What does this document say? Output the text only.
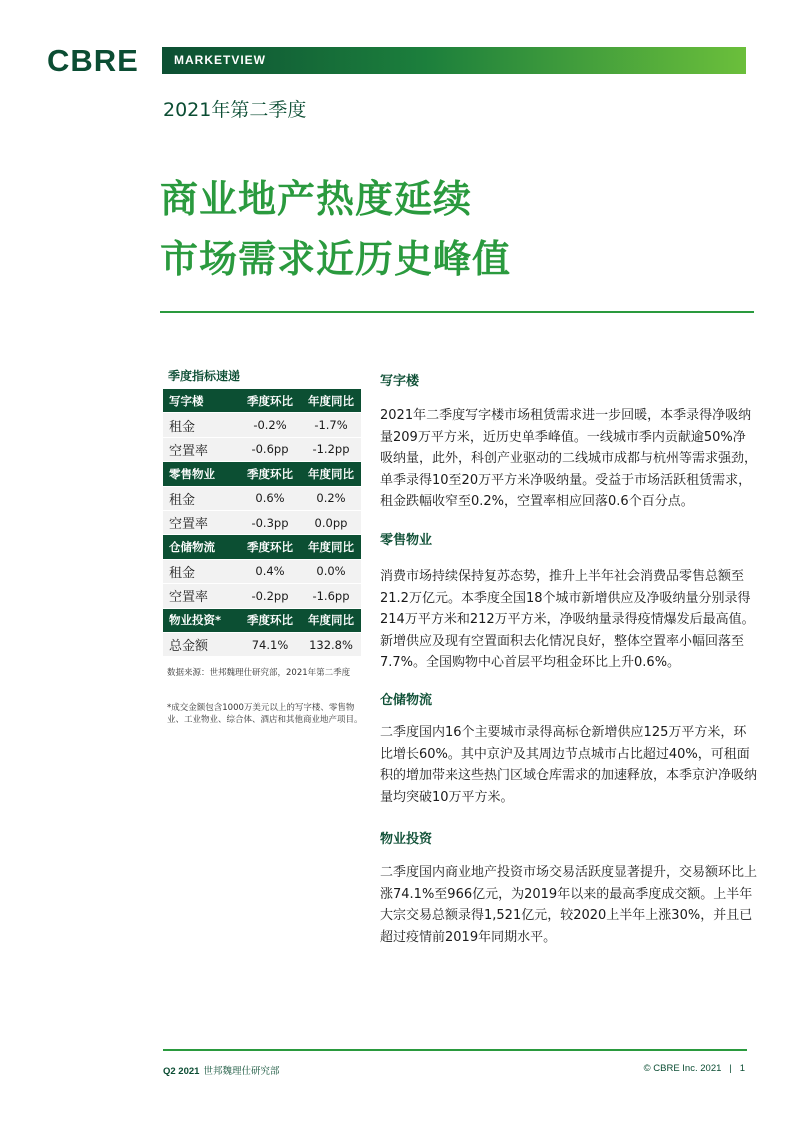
CBRE	MARKETVIEW
2021年第二季度
商业地产热度延续
市场需求近历史峰值
季度指标速递
写字楼	季度环比	年度同比
租金	-0.2%	-1.7%
空置率	-0.6pp	-1.2pp
零售物业	季度环比	年度同比
租金	0.6%	0.2%
空置率	-0.3pp	0.0pp
仓储物流	季度环比	年度同比
租金	0.4%	0.0%
空置率	-0.2pp	-1.6pp
物业投资*	季度环比	年度同比
总金额	74.1%	132.8%
数据来源：世邦魏理仕研究部，2021年第二季度
*成交金额包含1000万美元以上的写字楼、零售物业、工业物业、综合体、酒店和其他商业地产项目。
写字楼
2021年二季度写字楼市场租赁需求进一步回暖，本季录得净吸纳量209万平方米，近历史单季峰值。一线城市季内贡献逾50%净吸纳量，此外，科创产业驱动的二线城市成都与杭州等需求强劲，单季录得10至20万平方米净吸纳量。受益于市场活跃租赁需求，租金跌幅收窄至0.2%，空置率相应回落0.6个百分点。
零售物业
消费市场持续保持复苏态势，推升上半年社会消费品零售总额至21.2万亿元。本季度全国18个城市新增供应及净吸纳量分别录得214万平方米和212万平方米，净吸纳量录得疫情爆发后最高值。新增供应及现有空置面积去化情况良好，整体空置率小幅回落至7.7%。全国购物中心首层平均租金环比上升0.6%。
仓储物流
二季度国内16个主要城市录得高标仓新增供应125万平方米，环比增长60%。其中京沪及其周边节点城市占比超过40%，可租面积的增加带来这些热门区域仓库需求的加速释放，本季京沪净吸纳量均突破10万平方米。
物业投资
二季度国内商业地产投资市场交易活跃度显著提升，交易额环比上涨74.1%至966亿元，为2019年以来的最高季度成交额。上半年大宗交易总额录得1,521亿元，较2020上半年上涨30%，并且已超过疫情前2019年同期水平。
Q2 2021 世邦魏理仕研究部	© CBRE Inc. 2021 | 1
